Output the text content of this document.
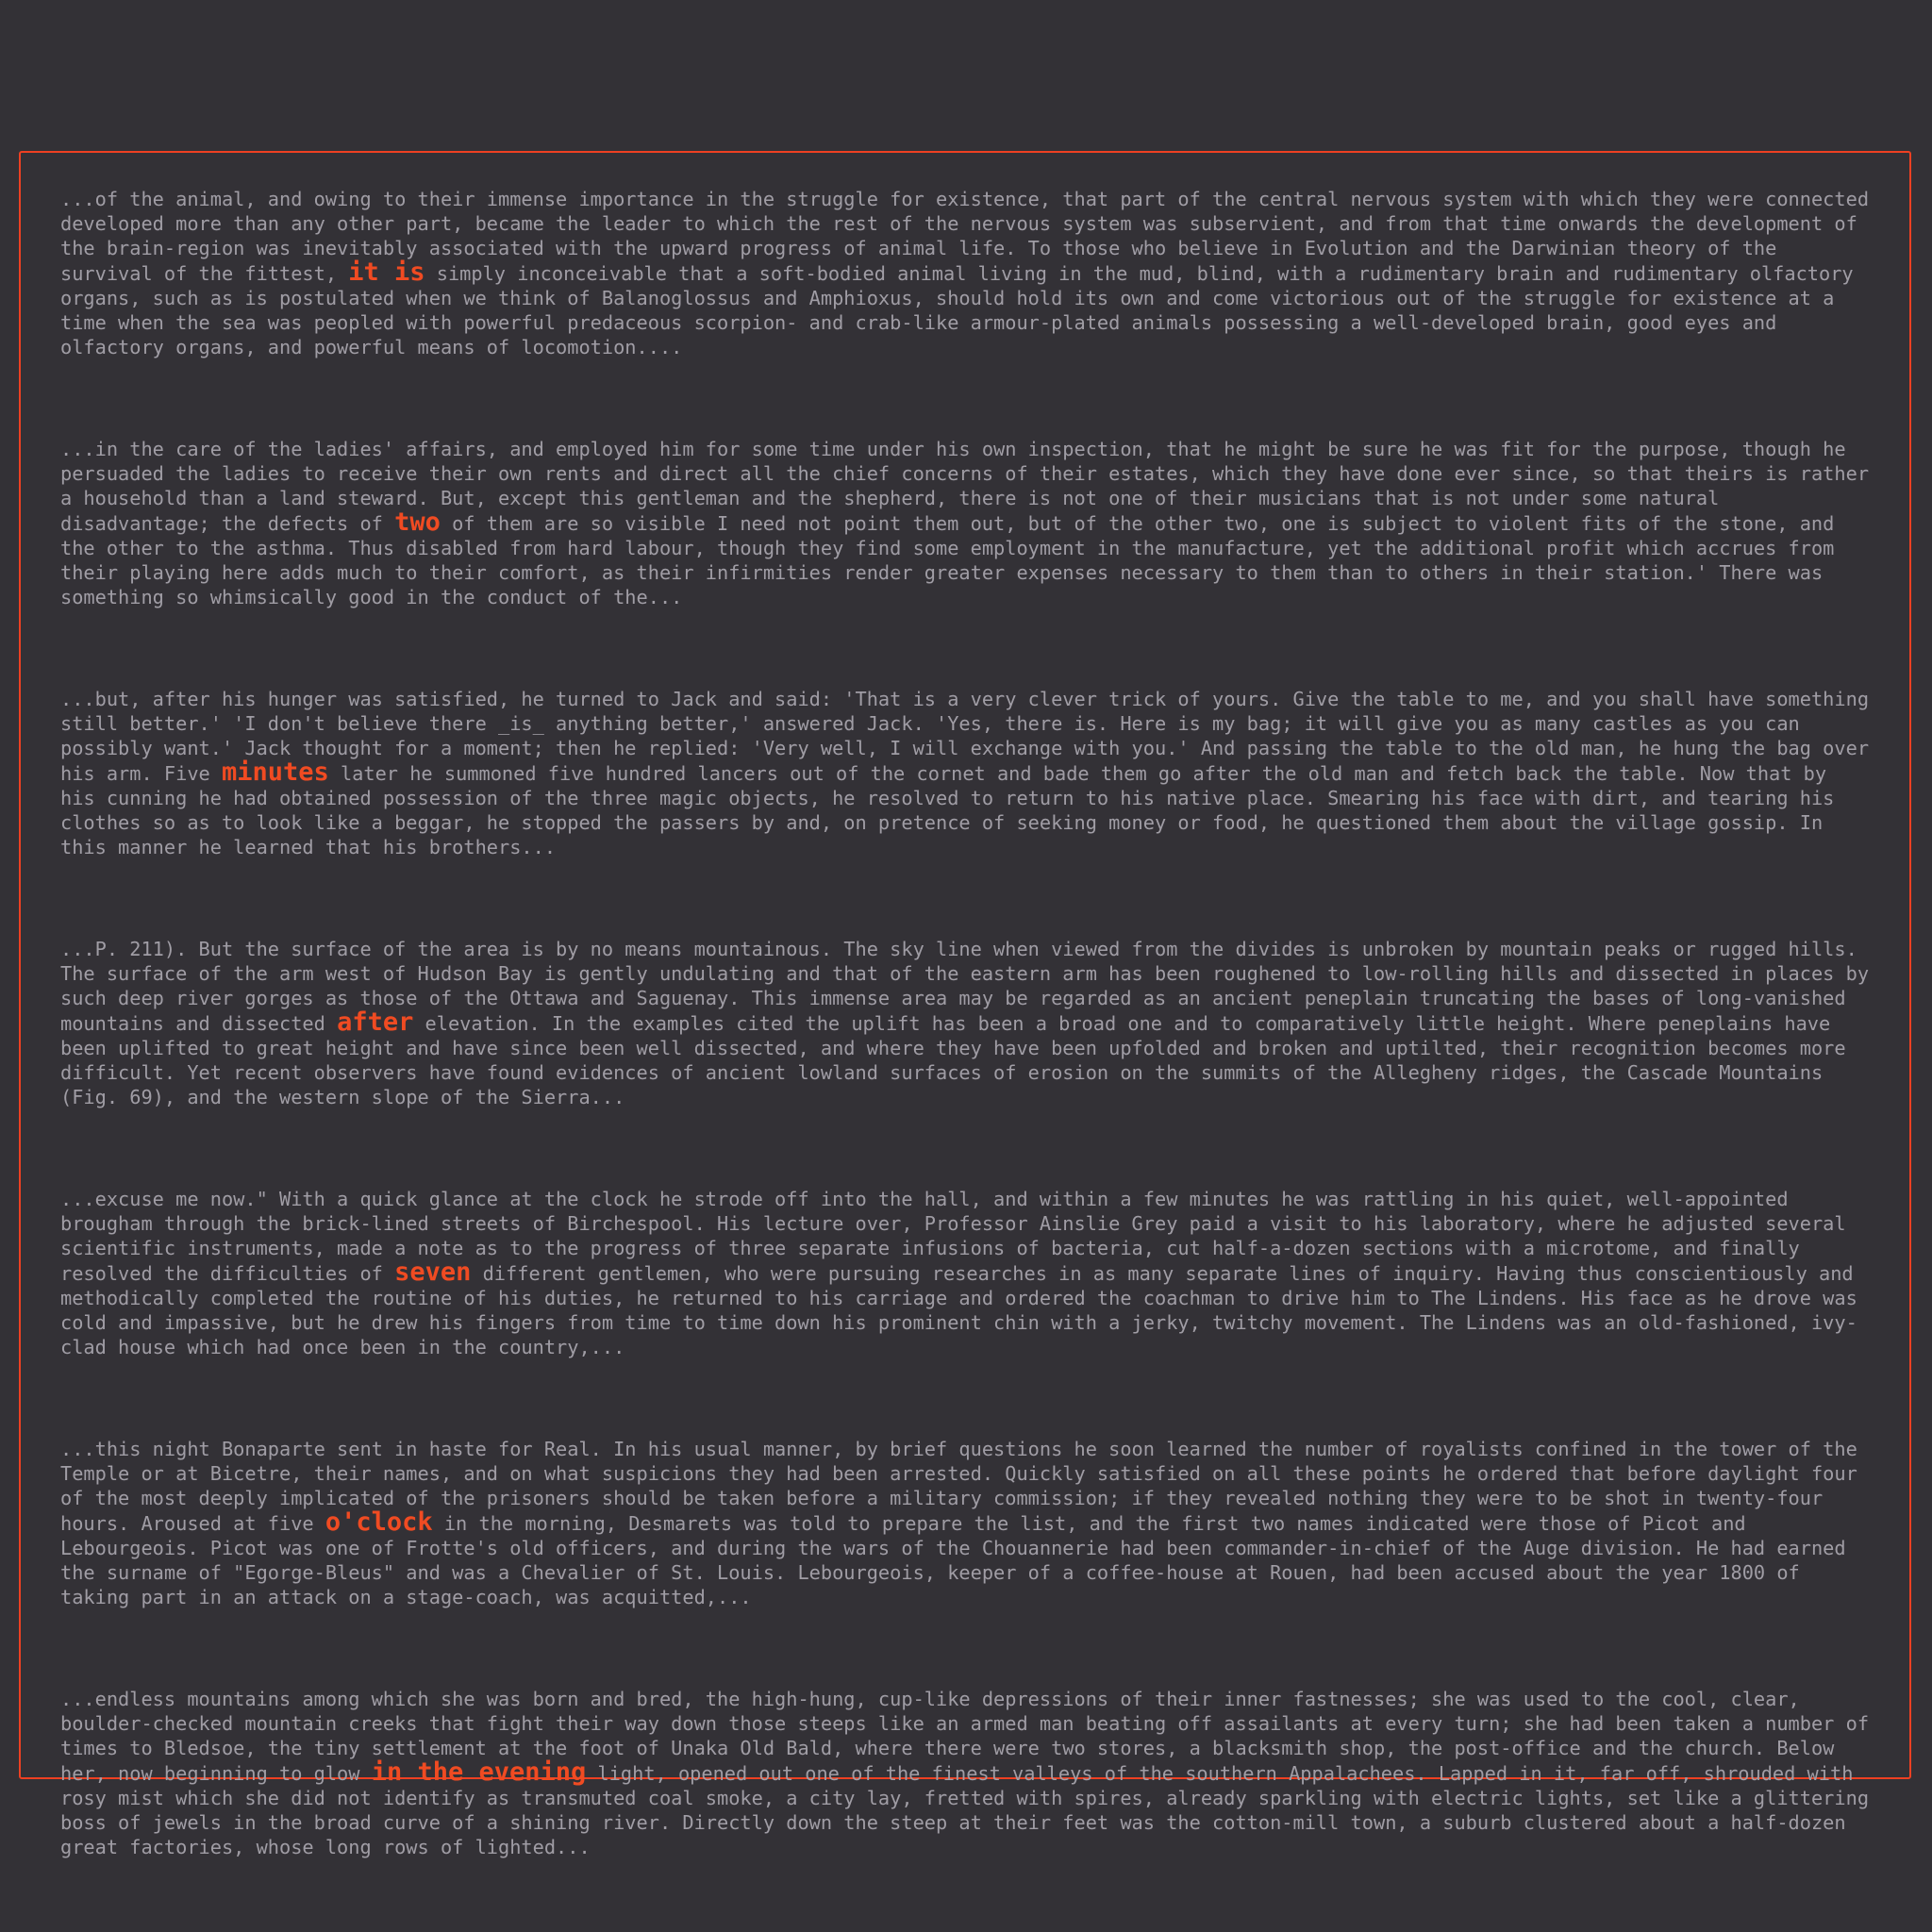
...of the animal, and owing to their immense importance in the struggle for existence, that part of the central nervous system with which they were connected developed more than any other part, became the leader to which the rest of the nervous system was subservient, and from that time onwards the development of the brain-region was inevitably associated with the upward progress of animal life. To those who believe in Evolution and the Darwinian theory of the survival of the fittest, it is simply inconceivable that a soft-bodied animal living in the mud, blind, with a rudimentary brain and rudimentary olfactory organs, such as is postulated when we think of Balanoglossus and Amphioxus, should hold its own and come victorious out of the struggle for existence at a time when the sea was peopled with powerful predaceous scorpion- and crab-like armour-plated animals possessing a well-developed brain, good eyes and olfactory organs, and powerful means of locomotion....

...in the care of the ladies' affairs, and employed him for some time under his own inspection, that he might be sure he was fit for the purpose, though he persuaded the ladies to receive their own rents and direct all the chief concerns of their estates, which they have done ever since, so that theirs is rather a household than a land steward. But, except this gentleman and the shepherd, there is not one of their musicians that is not under some natural disadvantage; the defects of two of them are so visible I need not point them out, but of the other two, one is subject to violent fits of the stone, and the other to the asthma. Thus disabled from hard labour, though they find some employment in the manufacture, yet the additional profit which accrues from their playing here adds much to their comfort, as their infirmities render greater expenses necessary to them than to others in their station.' There was something so whimsically good in the conduct of the...

...but, after his hunger was satisfied, he turned to Jack and said: 'That is a very clever trick of yours. Give the table to me, and you shall have something still better.' 'I don't believe there _is_ anything better,' answered Jack. 'Yes, there is. Here is my bag; it will give you as many castles as you can possibly want.' Jack thought for a moment; then he replied: 'Very well, I will exchange with you.' And passing the table to the old man, he hung the bag over his arm. Five minutes later he summoned five hundred lancers out of the cornet and bade them go after the old man and fetch back the table. Now that by his cunning he had obtained possession of the three magic objects, he resolved to return to his native place. Smearing his face with dirt, and tearing his clothes so as to look like a beggar, he stopped the passers by and, on pretence of seeking money or food, he questioned them about the village gossip. In this manner he learned that his brothers...

...P. 211). But the surface of the area is by no means mountainous. The sky line when viewed from the divides is unbroken by mountain peaks or rugged hills. The surface of the arm west of Hudson Bay is gently undulating and that of the eastern arm has been roughened to low-rolling hills and dissected in places by such deep river gorges as those of the Ottawa and Saguenay. This immense area may be regarded as an ancient peneplain truncating the bases of long-vanished mountains and dissected after elevation. In the examples cited the uplift has been a broad one and to comparatively little height. Where peneplains have been uplifted to great height and have since been well dissected, and where they have been upfolded and broken and uptilted, their recognition becomes more difficult. Yet recent observers have found evidences of ancient lowland surfaces of erosion on the summits of the Allegheny ridges, the Cascade Mountains (Fig. 69), and the western slope of the Sierra...

...excuse me now." With a quick glance at the clock he strode off into the hall, and within a few minutes he was rattling in his quiet, well-appointed brougham through the brick-lined streets of Birchespool. His lecture over, Professor Ainslie Grey paid a visit to his laboratory, where he adjusted several scientific instruments, made a note as to the progress of three separate infusions of bacteria, cut half-a-dozen sections with a microtome, and finally resolved the difficulties of seven different gentlemen, who were pursuing researches in as many separate lines of inquiry. Having thus conscientiously and methodically completed the routine of his duties, he returned to his carriage and ordered the coachman to drive him to The Lindens. His face as he drove was cold and impassive, but he drew his fingers from time to time down his prominent chin with a jerky, twitchy movement. The Lindens was an old-fashioned, ivy-clad house which had once been in the country,...

...this night Bonaparte sent in haste for Real. In his usual manner, by brief questions he soon learned the number of royalists confined in the tower of the Temple or at Bicetre, their names, and on what suspicions they had been arrested. Quickly satisfied on all these points he ordered that before daylight four of the most deeply implicated of the prisoners should be taken before a military commission; if they revealed nothing they were to be shot in twenty-four hours. Aroused at five o'clock in the morning, Desmarets was told to prepare the list, and the first two names indicated were those of Picot and Lebourgeois. Picot was one of Frotte's old officers, and during the wars of the Chouannerie had been commander-in-chief of the Auge division. He had earned the surname of "Egorge-Bleus" and was a Chevalier of St. Louis. Lebourgeois, keeper of a coffee-house at Rouen, had been accused about the year 1800 of taking part in an attack on a stage-coach, was acquitted,...

...endless mountains among which she was born and bred, the high-hung, cup-like depressions of their inner fastnesses; she was used to the cool, clear, boulder-checked mountain creeks that fight their way down those steeps like an armed man beating off assailants at every turn; she had been taken a number of times to Bledsoe, the tiny settlement at the foot of Unaka Old Bald, where there were two stores, a blacksmith shop, the post-office and the church. Below her, now beginning to glow in the evening light, opened out one of the finest valleys of the southern Appalachees. Lapped in it, far off, shrouded with rosy mist which she did not identify as transmuted coal smoke, a city lay, fretted with spires, already sparkling with electric lights, set like a glittering boss of jewels in the broad curve of a shining river. Directly down the steep at their feet was the cotton-mill town, a suburb clustered about a half-dozen great factories, whose long rows of lighted...
